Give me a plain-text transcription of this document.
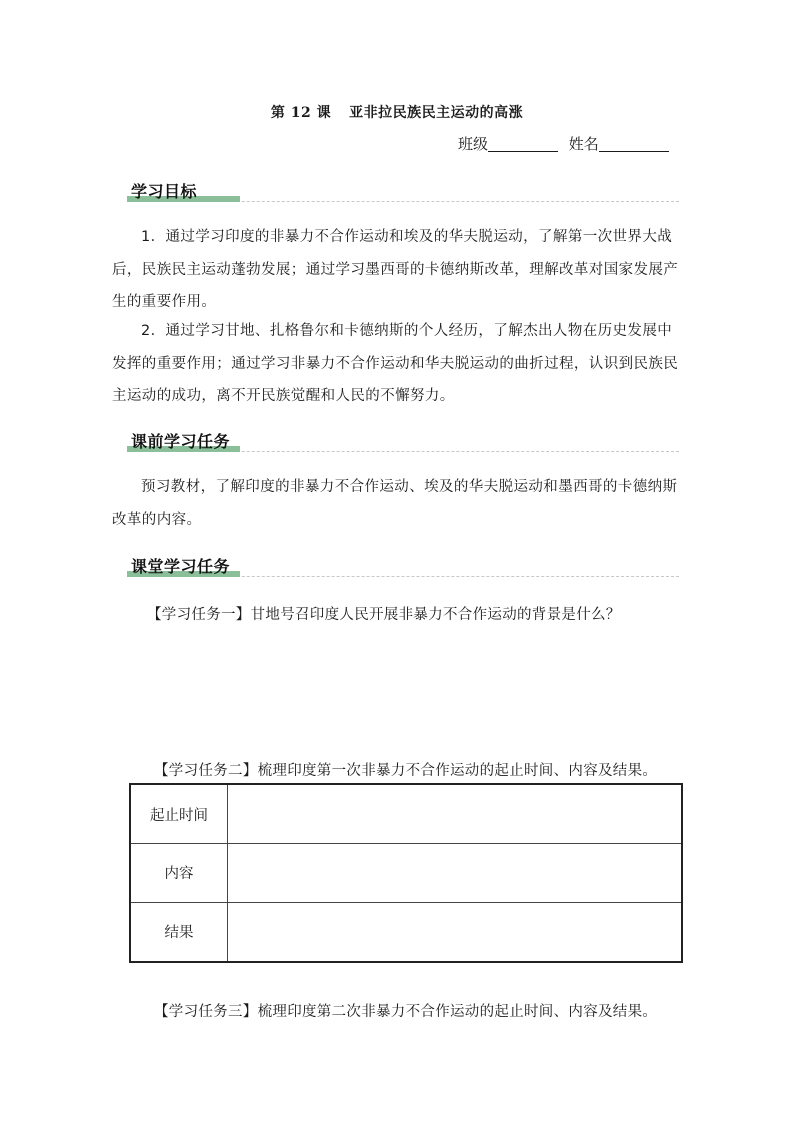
第 12 课 亚非拉民族民主运动的高涨
班级	姓名
学习目标

1．通过学习印度的非暴力不合作运动和埃及的华夫脱运动，了解第一次世界大战后，民族民主运动蓬勃发展；通过学习墨西哥的卡德纳斯改革，理解改革对国家发展产生的重要作用。

2．通过学习甘地、扎格鲁尔和卡德纳斯的个人经历，了解杰出人物在历史发展中发挥的重要作用；通过学习非暴力不合作运动和华夫脱运动的曲折过程，认识到民族民主运动的成功，离不开民族觉醒和人民的不懈努力。

课前学习任务

预习教材，了解印度的非暴力不合作运动、埃及的华夫脱运动和墨西哥的卡德纳斯改革的内容。

课堂学习任务
【学习任务一】甘地号召印度人民开展非暴力不合作运动的背景是什么？
【学习任务二】梳理印度第一次非暴力不合作运动的起止时间、内容及结果。
起止时间	
内容	
结果	
【学习任务三】梳理印度第二次非暴力不合作运动的起止时间、内容及结果。
